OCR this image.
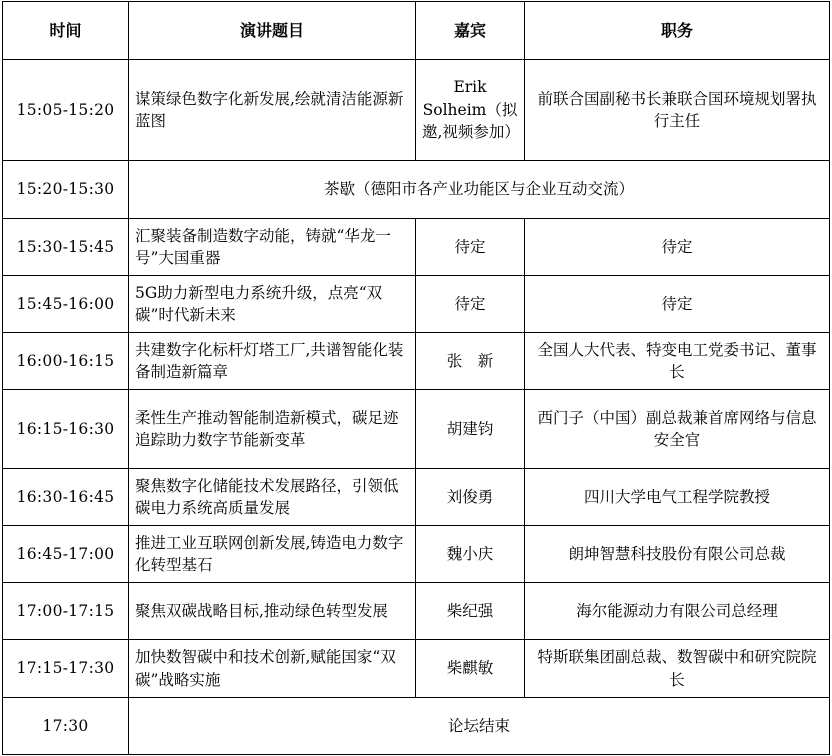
时间	演讲题目	嘉宾	职务
15:05-15:20	谋策绿色数字化新发展,绘就清洁能源新蓝图	Erik Solheim（拟邀,视频参加）	前联合国副秘书长兼联合国环境规划署执行主任
15:20-15:30	茶歇（德阳市各产业功能区与企业互动交流）		
15:30-15:45	汇聚装备制造数字动能，铸就“华龙一号”大国重器	待定	待定
15:45-16:00	5G助力新型电力系统升级，点亮“双碳”时代新未来	待定	待定
16:00-16:15	共建数字化标杆灯塔工厂,共谱智能化装备制造新篇章	张　新	全国人大代表、特变电工党委书记、董事长
16:15-16:30	柔性生产推动智能制造新模式，碳足迹追踪助力数字节能新变革	胡建钧	西门子（中国）副总裁兼首席网络与信息安全官
16:30-16:45	聚焦数字化储能技术发展路径，引领低碳电力系统高质量发展	刘俊勇	四川大学电气工程学院教授
16:45-17:00	推进工业互联网创新发展,铸造电力数字化转型基石	魏小庆	朗坤智慧科技股份有限公司总裁
17:00-17:15	聚焦双碳战略目标,推动绿色转型发展	柴纪强	海尔能源动力有限公司总经理
17:15-17:30	加快数智碳中和技术创新,赋能国家“双碳”战略实施	柴麒敏	特斯联集团副总裁、数智碳中和研究院院长
17:30	论坛结束		
